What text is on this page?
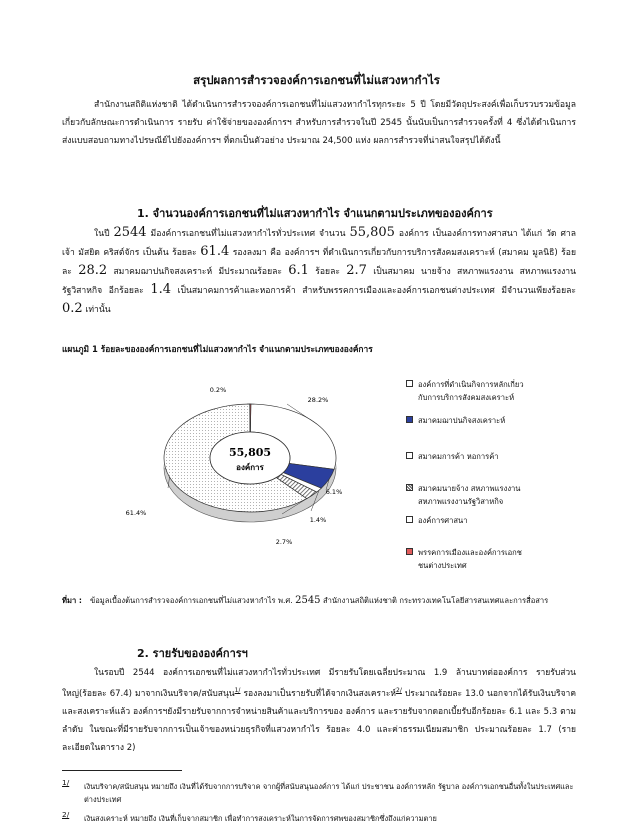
สรุปผลการสำรวจองค์การเอกชนที่ไม่แสวงหากำไร
สำนักงานสถิติแห่งชาติ ได้ดำเนินการสำรวจองค์การเอกชนที่ไม่แสวงหากำไรทุกระยะ 5 ปี โดยมีวัตถุประสงค์เพื่อเก็บรวบรวมข้อมูลเกี่ยวกับลักษณะการดำเนินการ รายรับ ค่าใช้จ่ายขององค์การฯ สำหรับการสำรวจในปี 2545 นั้นนับเป็นการสำรวจครั้งที่ 4 ซึ่งได้ดำเนินการส่งแบบสอบถามทางไปรษณีย์ไปยังองค์การฯ ที่ตกเป็นตัวอย่าง ประมาณ 24,500 แห่ง ผลการสำรวจที่น่าสนใจสรุปได้ดังนี้
1. จำนวนองค์การเอกชนที่ไม่แสวงหากำไร จำแนกตามประเภทขององค์การ
ในปี 2544 มีองค์การเอกชนที่ไม่แสวงหากำไรทั่วประเทศ จำนวน 55,805 องค์การ เป็นองค์การทางศาสนา ได้แก่ วัด ศาลเจ้า มัสยิด คริสต์จักร เป็นต้น ร้อยละ 61.4 รองลงมา คือ องค์การฯ ที่ดำเนินการเกี่ยวกับการบริการสังคมสงเคราะห์ (สมาคม มูลนิธิ) ร้อยละ 28.2 สมาคมฌาปนกิจสงเคราะห์ มีประมาณร้อยละ 6.1 ร้อยละ 2.7 เป็นสมาคม นายจ้าง สหภาพแรงงาน สหภาพแรงงานรัฐวิสาหกิจ อีกร้อยละ 1.4 เป็นสมาคมการค้าและหอการค้า สำหรับพรรคการเมืองและองค์การเอกชนต่างประเทศ มีจำนวนเพียงร้อยละ 0.2 เท่านั้น
แผนภูมิ 1 ร้อยละขององค์การเอกชนที่ไม่แสวงหากำไร จำแนกตามประเภทขององค์การ
28.2%
6.1%
1.4%
2.7%
61.4%
0.2%
55,805
องค์การ
องค์การที่ดำเนินกิจการหลักเกี่ยว
กับการบริการสังคมสงเคราะห์
สมาคมฌาปนกิจสงเคราะห์
สมาคมการค้า หอการค้า
สมาคมนายจ้าง สหภาพแรงงาน
สหภาพแรงงานรัฐวิสาหกิจ
องค์การศาสนา
พรรคการเมืองและองค์การเอกช
ชนต่างประเทศ
ที่มา : ข้อมูลเบื้องต้นการสำรวจองค์การเอกชนที่ไม่แสวงหากำไร พ.ศ. 2545 สำนักงานสถิติแห่งชาติ กระทรวงเทคโนโลยีสารสนเทศและการสื่อสาร
2. รายรับขององค์การฯ
ในรอบปี 2544 องค์การเอกชนที่ไม่แสวงหากำไรทั่วประเทศ มีรายรับโดยเฉลี่ยประมาณ 1.9 ล้านบาทต่อองค์การ รายรับส่วนใหญ่(ร้อยละ 67.4) มาจากเงินบริจาค/สนับสนุน$^{1/}$ รองลงมาเป็นรายรับที่ได้จากเงินสงเคราะห์$^{2/}$ ประมาณร้อยละ 13.0 นอกจากได้รับเงินบริจาคและสงเคราะห์แล้ว องค์การฯยังมีรายรับจากการจำหน่ายสินค้าและบริการของ องค์การ และรายรับจากดอกเบี้ยรับอีกร้อยละ 6.1 และ 5.3 ตามลำดับ ในขณะที่มีรายรับจากการเป็นเจ้าของหน่วยธุรกิจที่แสวงหากำไร ร้อยละ 4.0 และค่าธรรมเนียมสมาชิก ประมาณร้อยละ 1.7 (รายละเอียดในตาราง 2)
1/ เงินบริจาค/สนับสนุน หมายถึง เงินที่ได้รับจากการบริจาค จากผู้ที่สนับสนุนองค์การ ได้แก่ ประชาชน องค์การหลัก รัฐบาล องค์การเอกชนอื่นทั้งในประเทศและต่างประเทศ
2/ เงินสงเคราะห์ หมายถึง เงินที่เก็บจากสมาชิก เพื่อทำการสงเคราะห์ในการจัดการศพของสมาชิกซึ่งถึงแก่ความตาย
